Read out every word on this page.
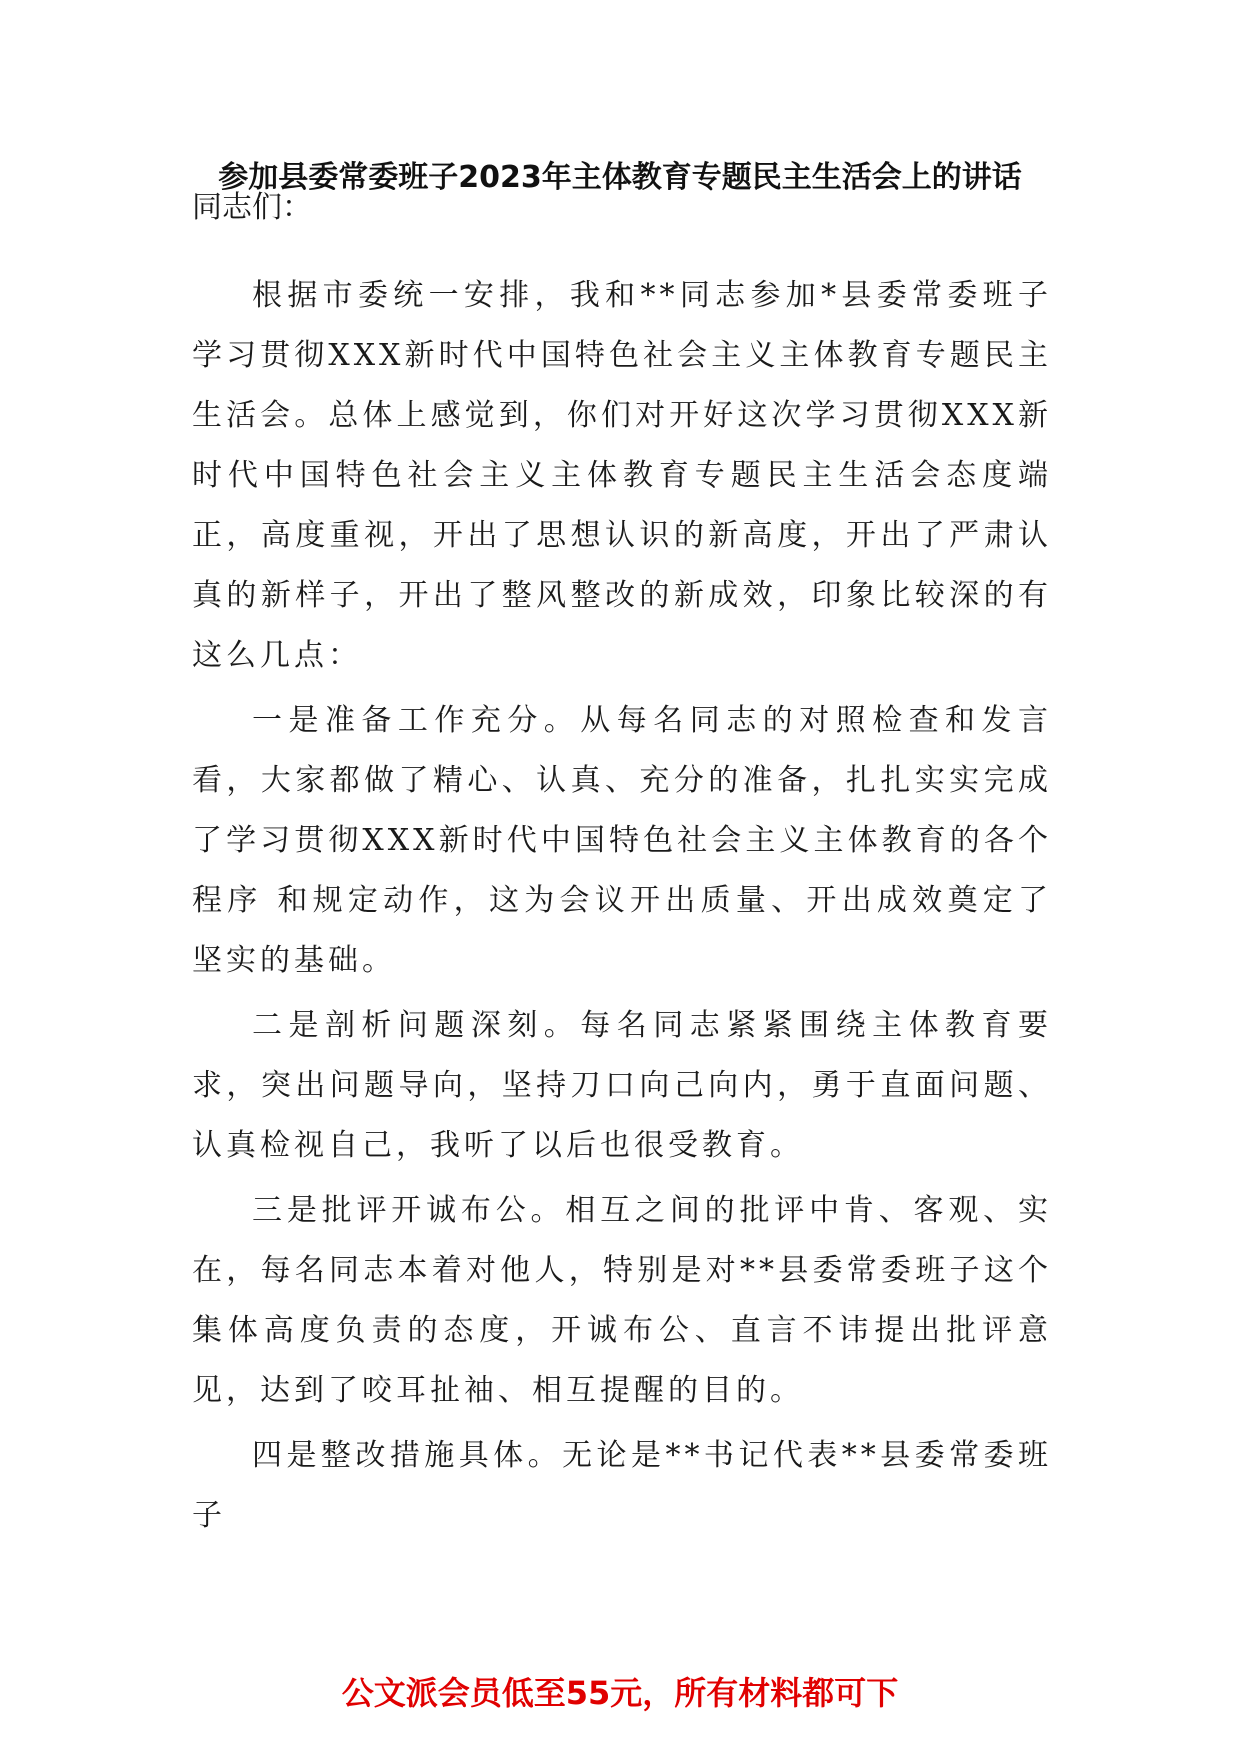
参加县委常委班子2023年主体教育专题民主生活会上的讲话
同志们：

根据市委统一安排，我和**同志参加*县委常委班子学习贯彻XXX新时代中国特色社会主义主体教育专题民主生活会。总体上感觉到，你们对开好这次学习贯彻XXX新时代中国特色社会主义主体教育专题民主生活会态度端正，高度重视，开出了思想认识的新高度，开出了严肃认真的新样子，开出了整风整改的新成效，印象比较深的有这么几点：

一是准备工作充分。从每名同志的对照检查和发言看，大家都做了精心、认真、充分的准备，扎扎实实完成了学习贯彻XXX新时代中国特色社会主义主体教育的各个程序 和规定动作，这为会议开出质量、开出成效奠定了坚实的基础。

二是剖析问题深刻。每名同志紧紧围绕主体教育要求，突出问题导向，坚持刀口向己向内，勇于直面问题、认真检视自己，我听了以后也很受教育。

三是批评开诚布公。相互之间的批评中肯、客观、实在，每名同志本着对他人，特别是对**县委常委班子这个集体高度负责的态度，开诚布公、直言不讳提出批评意见，达到了咬耳扯袖、相互提醒的目的。

四是整改措施具体。无论是**书记代表**县委常委班子

公文派会员低至55元，所有材料都可下
